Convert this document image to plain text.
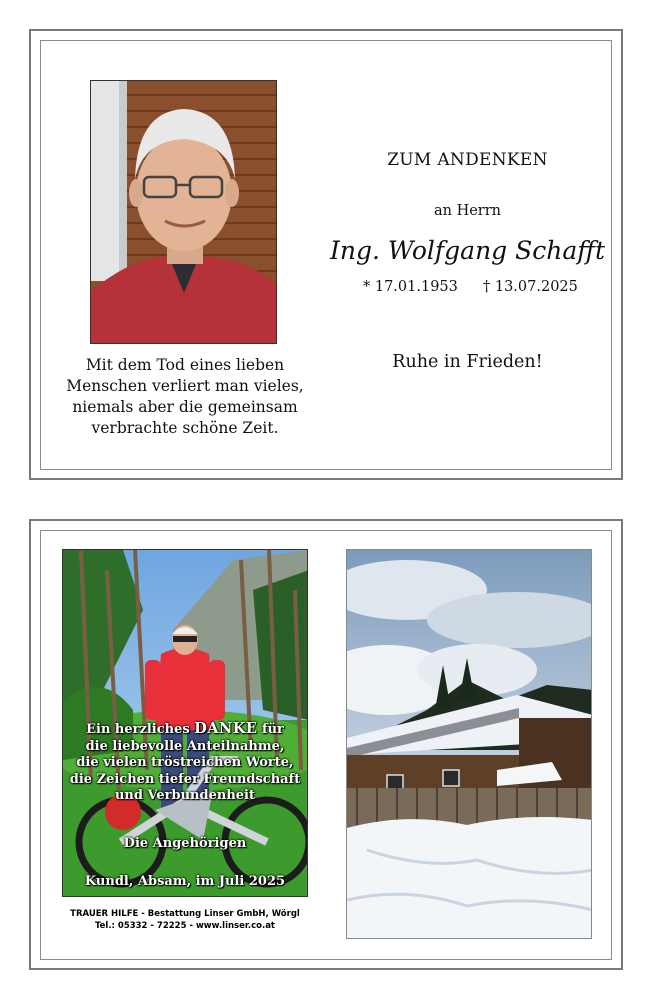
Mit dem Tod eines lieben
Menschen verliert man vieles,
niemals aber die gemeinsam
verbrachte schöne Zeit.
ZUM ANDENKEN
an Herrn
Ing. Wolfgang Schafft
* 17.01.1953 † 13.07.2025
Ruhe in Frieden!
Ein herzliches DANKE für
die liebevolle Anteilnahme,
die vielen tröstreichen Worte,
die Zeichen tiefer Freundschaft
und Verbundenheit
Die Angehörigen
Kundl, Absam, im Juli 2025
TRAUER HILFE - Bestattung Linser GmbH, Wörgl
Tel.: 05332 - 72225 - www.linser.co.at
